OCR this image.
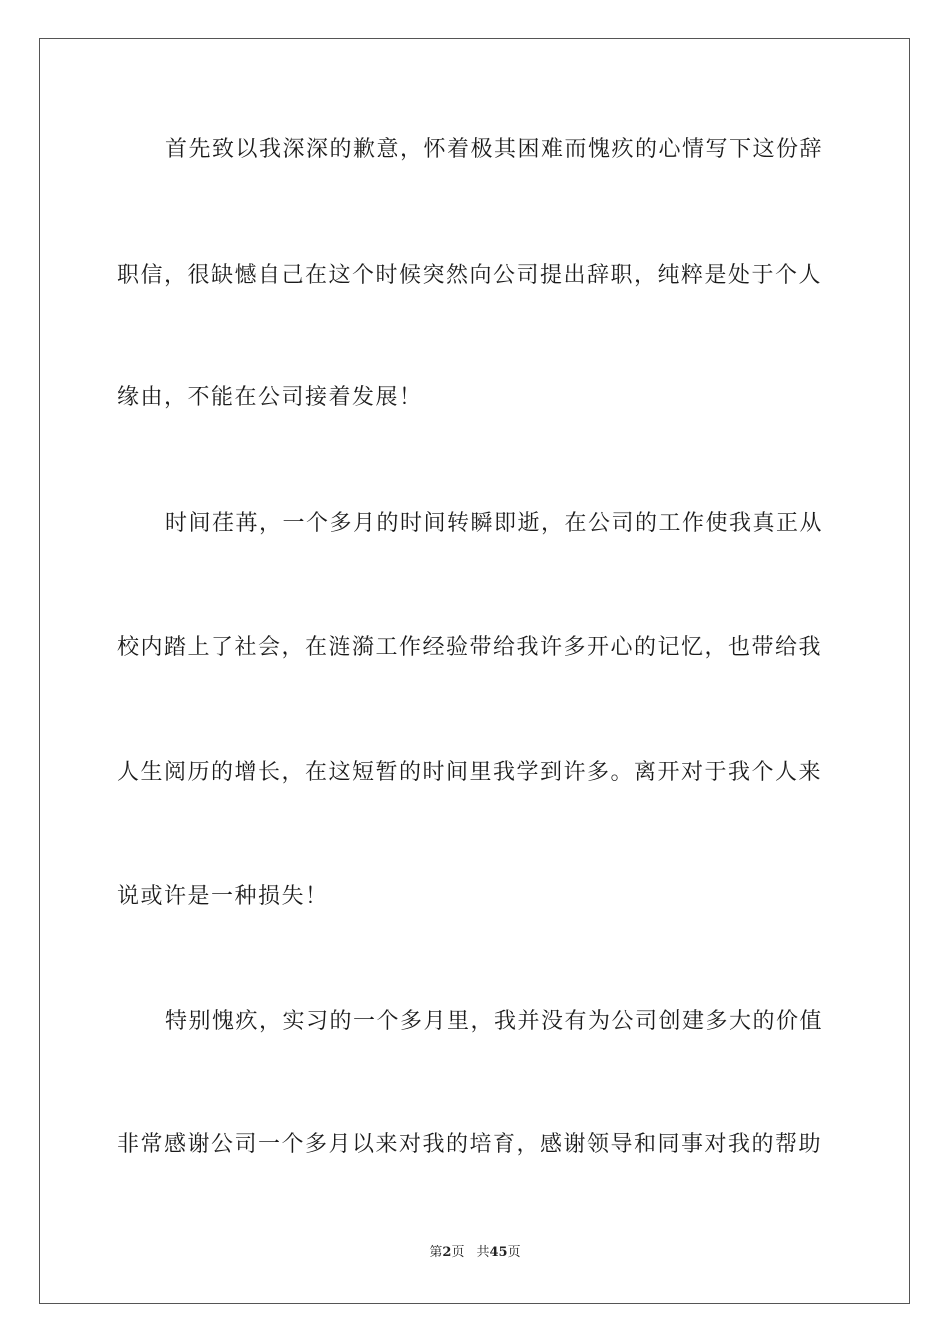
首先致以我深深的歉意，怀着极其困难而愧疚的心情写下这份辞
职信，很缺憾自己在这个时候突然向公司提出辞职，纯粹是处于个人
缘由，不能在公司接着发展！
时间荏苒，一个多月的时间转瞬即逝，在公司的工作使我真正从
校内踏上了社会，在涟漪工作经验带给我许多开心的记忆，也带给我
人生阅历的增长，在这短暂的时间里我学到许多。离开对于我个人来
说或许是一种损失！
特别愧疚，实习的一个多月里，我并没有为公司创建多大的价值
非常感谢公司一个多月以来对我的培育，感谢领导和同事对我的帮助
第2页 共45页
